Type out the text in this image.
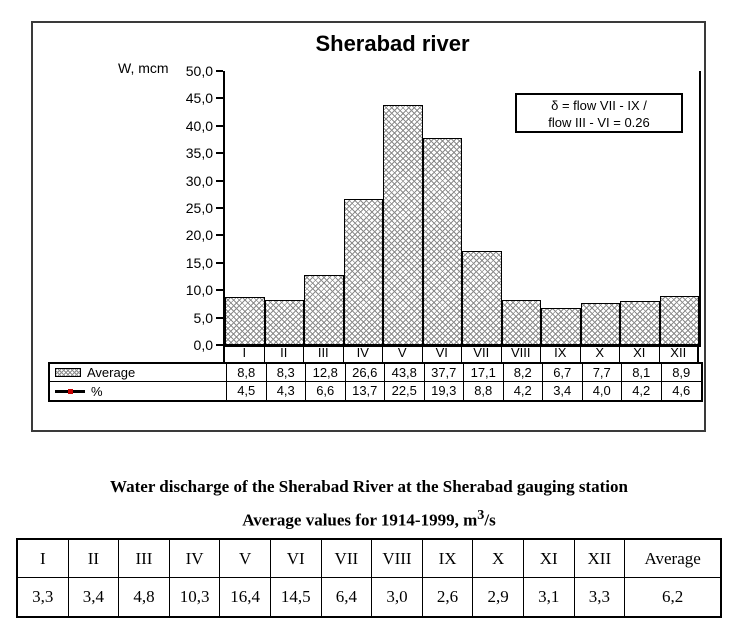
Sherabad river
W, mcm	50,0
45,0
40,0
35,0
30,0
25,0
20,0
15,0
10,0
5,0
0,0
δ = flow VII - IX /
flow III - VI = 0.26
I	II	III	IV	V	VI	VII	VIII	IX	X	XI	XII
Average	8,8	8,3	12,8	26,6	43,8	37,7	17,1	8,2	6,7	7,7	8,1	8,9
%	4,5	4,3	6,6	13,7	22,5	19,3	8,8	4,2	3,4	4,0	4,2	4,6
Water discharge of the Sherabad River at the Sherabad gauging station
Average values for 1914-1999, $m^3/s$
I	II	III	IV	V	VI	VII	VIII	IX	X	XI	XII	Average
3,3	3,4	4,8	10,3	16,4	14,5	6,4	3,0	2,6	2,9	3,1	3,3	6,2
